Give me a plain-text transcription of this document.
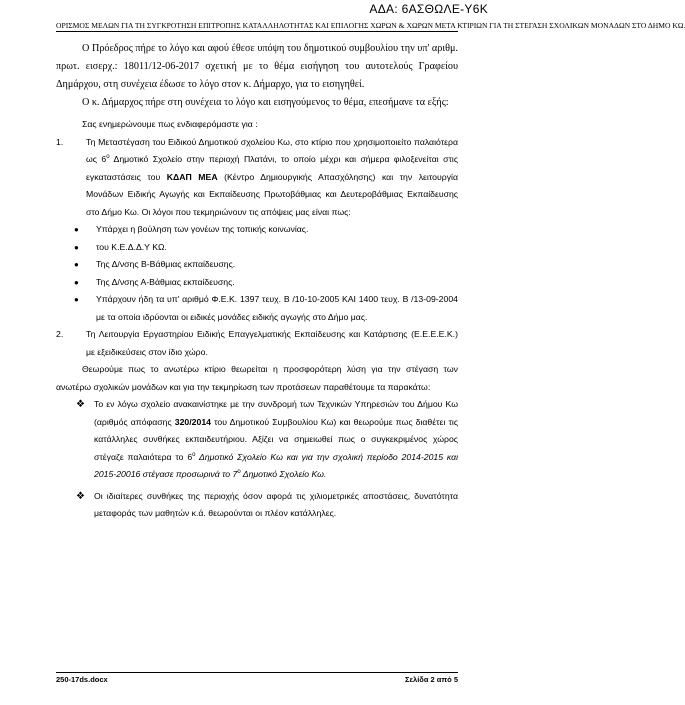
ΑΔΑ: 6ΑΣΘΩΛΕ-Υ6Κ
ΟΡΙΣΜΟΣ ΜΕΛΩΝ ΓΙΑ ΤΗ ΣΥΓΚΡΟΤΗΣΗ ΕΠΙΤΡΟΠΗΣ ΚΑΤΑΛΛΗΛΟΤΗΤΑΣ ΚΑΙ ΕΠΙΛΟΓΗΣ ΧΩΡΩΝ & ΧΩΡΩΝ ΜΕΤΑ ΚΤΙΡΙΩΝ ΓΙΑ ΤΗ ΣΤΕΓΑΣΗ ΣΧΟΛΙΚΩΝ ΜΟΝΑΔΩΝ ΣΤΟ ΔΗΜΟ ΚΩ.

Ο Πρόεδρος πήρε το λόγο και αφού έθεσε υπόψη του δημοτικού συμβουλίου την υπ' αριθμ. πρωτ. εισερχ.: 18011/12-06-2017 σχετική με το θέμα εισήγηση του αυτοτελούς Γραφείου Δημάρχου, στη συνέχεια έδωσε το λόγο στον κ. Δήμαρχο, για το εισηγηθεί.

Ο κ. Δήμαρχος πήρε στη συνέχεια το λόγο και εισηγούμενος το θέμα, επεσήμανε τα εξής:

Σας ενημερώνουμε πως ενδιαφερόμαστε για :

1.	Τη Μεταστέγαση του Ειδικού Δημοτικού σχολείου Κω, στο κτίριο που χρησιμοποιείτο παλαιότερα ως $6^o$ Δημοτικό Σχολείο στην περιοχή Πλατάνι, το οποίο μέχρι και σήμερα φιλοξενείται στις εγκαταστάσεις του ΚΔΑΠ ΜΕΑ (Κέντρο Δημιουργικής Απασχόλησης) και την λειτουργία Μονάδων Ειδικής Αγωγής και Εκπαίδευσης Πρωτοβάθμιας και Δευτεροβάθμιας Εκπαίδευσης στο Δήμο Κω. Οι λόγοι που τεκμηριώνουν τις απόψεις μας είναι πως:
●	Υπάρχει η βούληση των γονέων της τοπικής κοινωνίας.
●	του Κ.Ε.Δ.Δ.Υ ΚΩ.
●	Της Δ/νσης Β-Βάθμιας εκπαίδευσης.
●	Της Δ/νσης Α-Βάθμιας εκπαίδευσης.
●	Υπάρχουν ήδη τα υπ' αριθμό Φ.Ε.Κ. 1397 τευχ. Β /10-10-2005 ΚΑΙ 1400 τευχ. Β /13-09-2004 με τα οποία ιδρύονται οι ειδικές μονάδες ειδικής αγωγής στο Δήμο μας.
2.	Τη Λειτουργία Εργαστηρίου Ειδικής Επαγγελματικής Εκπαίδευσης και Κατάρτισης (Ε.Ε.Ε.Ε.Κ.) με εξειδικεύσεις στον ίδιο χώρο.

Θεωρούμε πως το ανωτέρω κτίριο θεωρείται η προσφορότερη λύση για την στέγαση των ανωτέρω σχολικών μονάδων και για την τεκμηρίωση των προτάσεων παραθέτουμε τα παρακάτω:

❖	Το εν λόγω σχολείο ανακαινίστηκε με την συνδρομή των Τεχνικών Υπηρεσιών του Δήμου Κω (αριθμός απόφασης 320/2014 του Δημοτικού Συμβουλίου Κω) και θεωρούμε πως διαθέτει τις κατάλληλες συνθήκες εκπαιδευτήριου. Αξίζει να σημειωθεί πως ο συγκεκριμένος χώρος στέγαζε παλαιότερα το $6^o$ Δημοτικό Σχολείο Κω και για την σχολική περίοδο 2014-2015 και 2015-20016 στέγασε προσωρινά το $7^o$ Δημοτικό Σχολείο Κω.
❖	Οι ιδιαίτερες συνθήκες της περιοχής όσον αφορά τις χιλιομετρικές αποστάσεις, δυνατότητα μεταφοράς των μαθητών κ.ά. θεωρούνται οι πλέον κατάλληλες.
250-17ds.docx	Σελίδα 2 από 5
